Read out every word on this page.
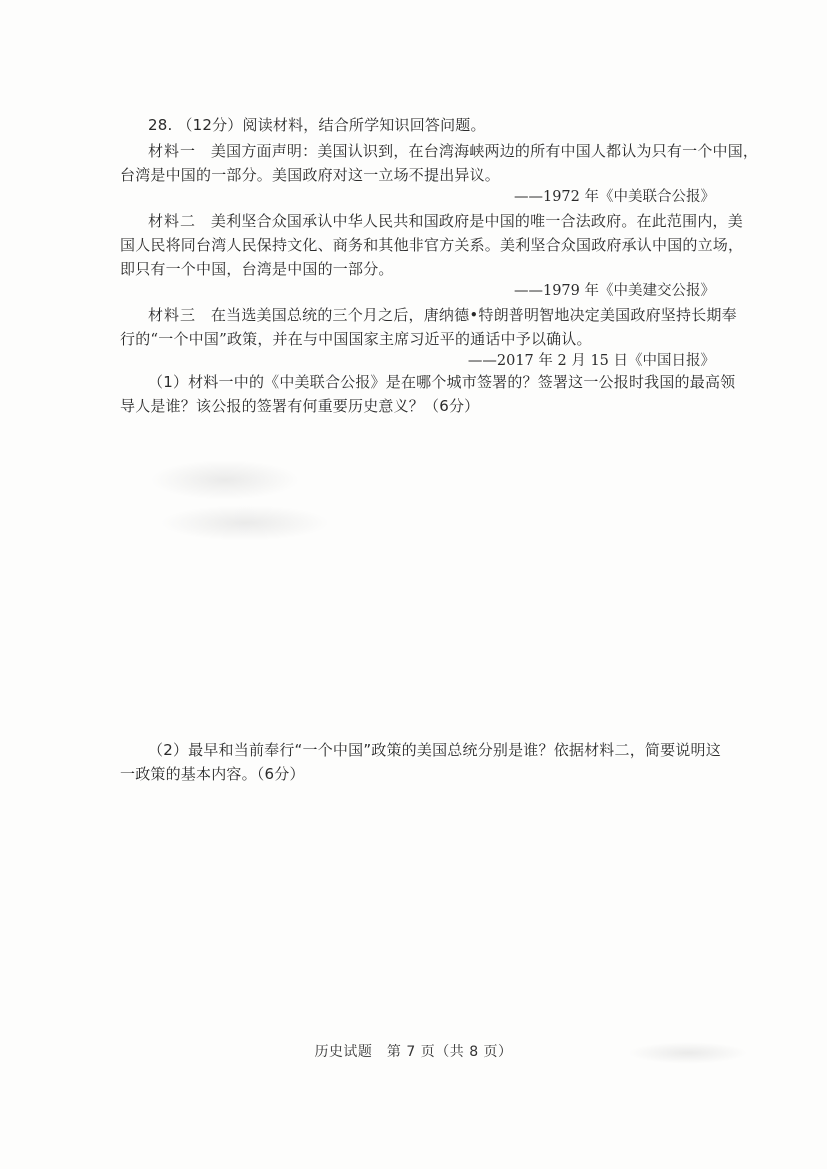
28. （12分）阅读材料，结合所学知识回答问题。
材料一 美国方面声明：美国认识到，在台湾海峡两边的所有中国人都认为只有一个中国，
台湾是中国的一部分。美国政府对这一立场不提出异议。
——1972 年《中美联合公报》
材料二 美利坚合众国承认中华人民共和国政府是中国的唯一合法政府。在此范围内，美
国人民将同台湾人民保持文化、商务和其他非官方关系。美利坚合众国政府承认中国的立场，
即只有一个中国，台湾是中国的一部分。
——1979 年《中美建交公报》
材料三 在当选美国总统的三个月之后，唐纳德•特朗普明智地决定美国政府坚持长期奉
行的“一个中国”政策，并在与中国国家主席习近平的通话中予以确认。
——2017 年 2 月 15 日《中国日报》
（1）材料一中的《中美联合公报》是在哪个城市签署的？签署这一公报时我国的最高领
导人是谁？该公报的签署有何重要历史意义？（6分）
（2）最早和当前奉行“一个中国”政策的美国总统分别是谁？依据材料二，简要说明这
一政策的基本内容。（6分）
历史试题　第 7 页（共 8 页）
